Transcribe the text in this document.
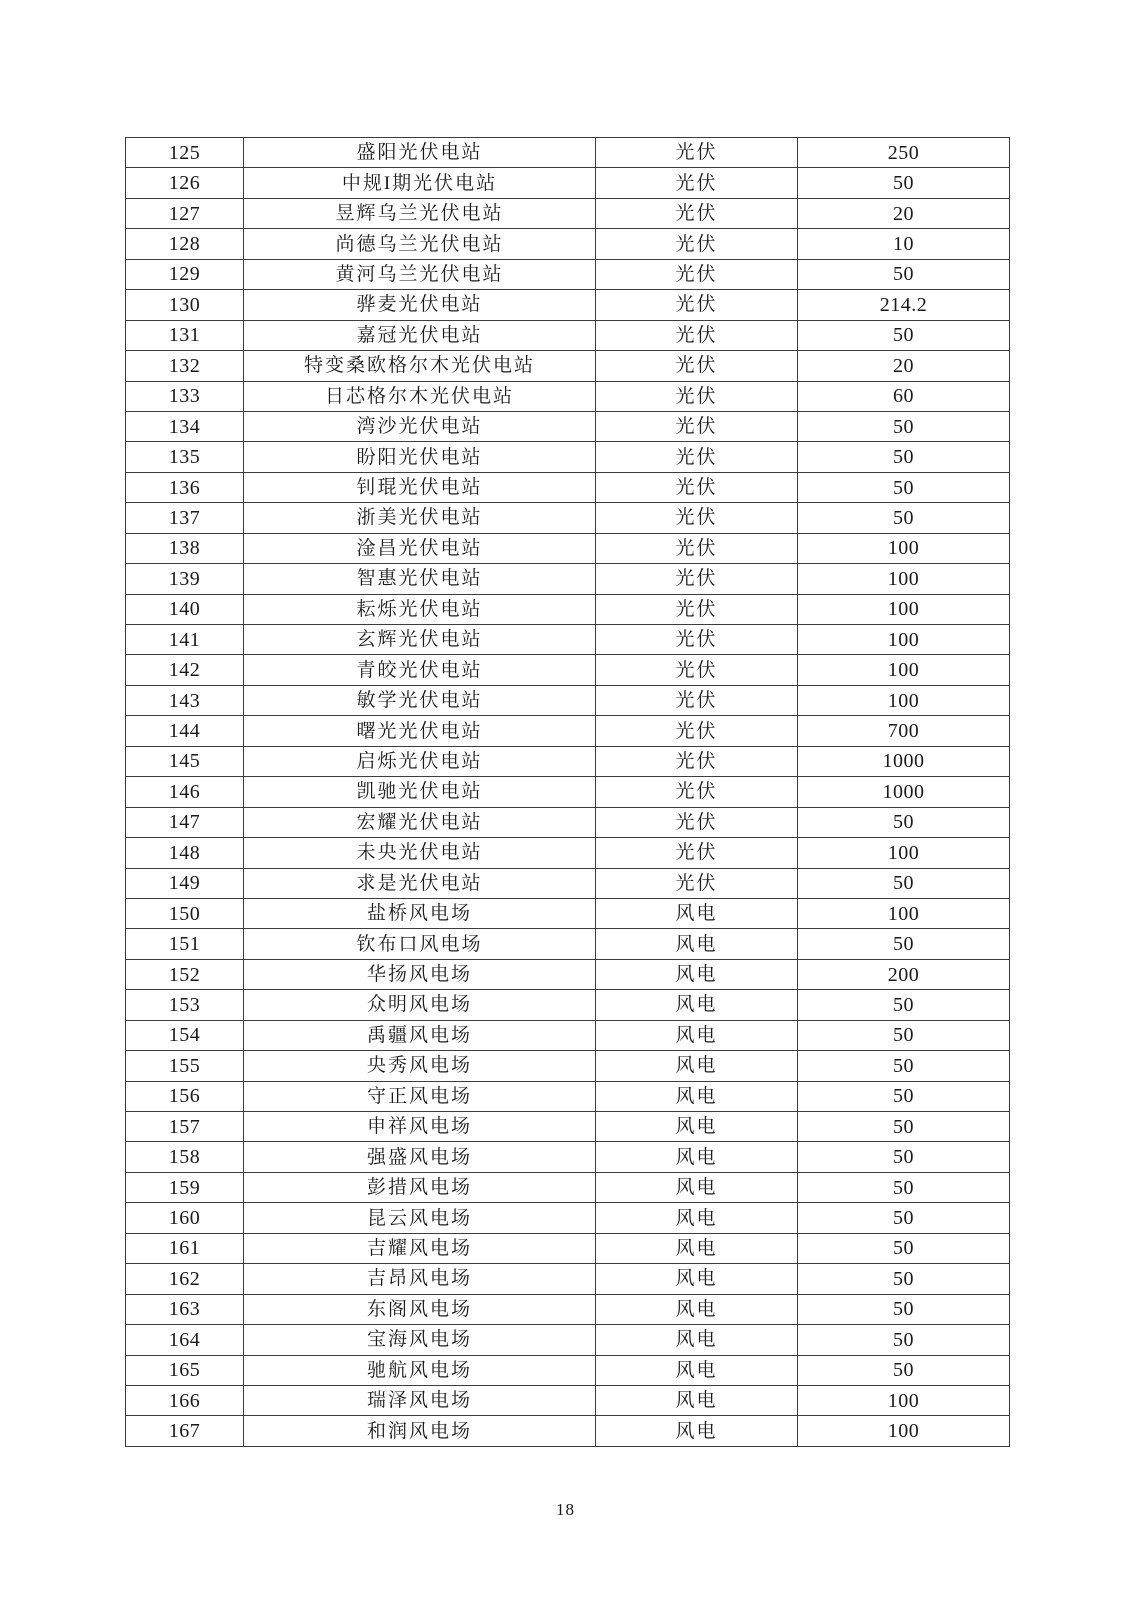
125	盛阳光伏电站	光伏	250
126	中规I期光伏电站	光伏	50
127	昱辉乌兰光伏电站	光伏	20
128	尚德乌兰光伏电站	光伏	10
129	黄河乌兰光伏电站	光伏	50
130	骅麦光伏电站	光伏	214.2
131	嘉冠光伏电站	光伏	50
132	特变桑欧格尔木光伏电站	光伏	20
133	日芯格尔木光伏电站	光伏	60
134	湾沙光伏电站	光伏	50
135	盼阳光伏电站	光伏	50
136	钊琨光伏电站	光伏	50
137	浙美光伏电站	光伏	50
138	淦昌光伏电站	光伏	100
139	智惠光伏电站	光伏	100
140	耘烁光伏电站	光伏	100
141	玄辉光伏电站	光伏	100
142	青皎光伏电站	光伏	100
143	敏学光伏电站	光伏	100
144	曙光光伏电站	光伏	700
145	启烁光伏电站	光伏	1000
146	凯驰光伏电站	光伏	1000
147	宏耀光伏电站	光伏	50
148	未央光伏电站	光伏	100
149	求是光伏电站	光伏	50
150	盐桥风电场	风电	100
151	钦布口风电场	风电	50
152	华扬风电场	风电	200
153	众明风电场	风电	50
154	禹疆风电场	风电	50
155	央秀风电场	风电	50
156	守正风电场	风电	50
157	申祥风电场	风电	50
158	强盛风电场	风电	50
159	彭措风电场	风电	50
160	昆云风电场	风电	50
161	吉耀风电场	风电	50
162	吉昂风电场	风电	50
163	东阁风电场	风电	50
164	宝海风电场	风电	50
165	驰航风电场	风电	50
166	瑞泽风电场	风电	100
167	和润风电场	风电	100
18
